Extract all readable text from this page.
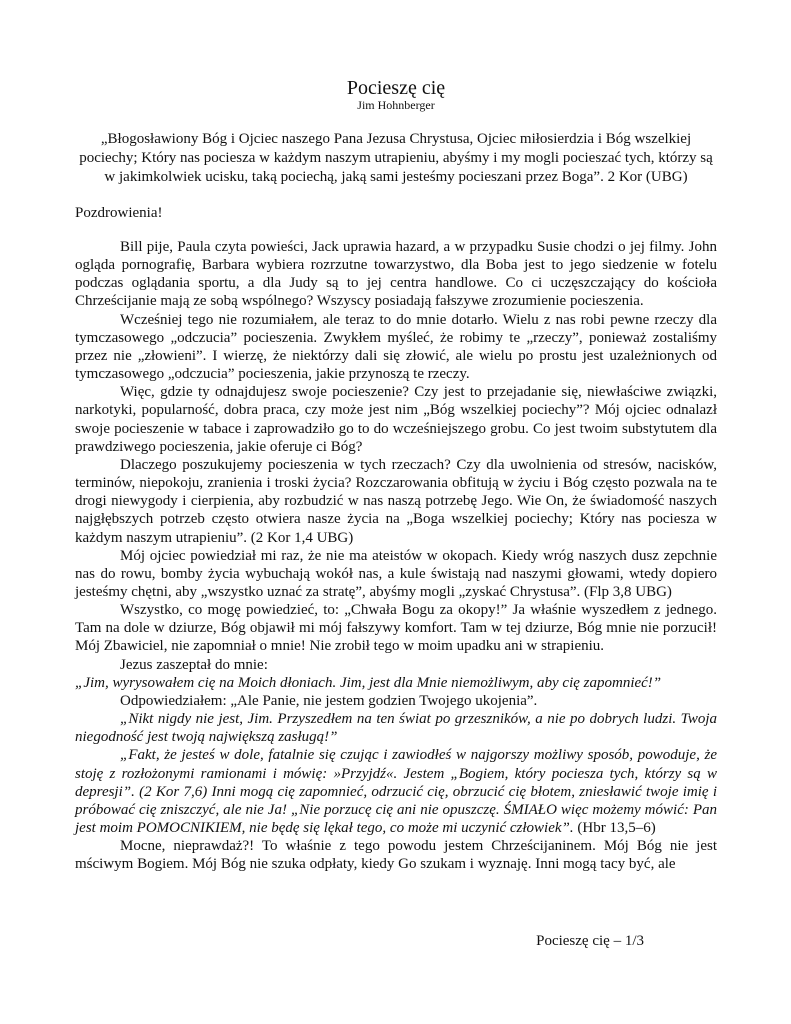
Pocieszę cię
Jim Hohnberger
„Błogosławiony Bóg i Ojciec naszego Pana Jezusa Chrystusa, Ojciec miłosierdzia i Bóg wszelkiej pociechy; Który nas pociesza w każdym naszym utrapieniu, abyśmy i my mogli pocieszać tych, którzy są w jakimkolwiek ucisku, taką pociechą, jaką sami jesteśmy pocieszani przez Boga”. 2 Kor (UBG)
Pozdrowienia!

Bill pije, Paula czyta powieści, Jack uprawia hazard, a w przypadku Susie chodzi o jej filmy. John ogląda pornografię, Barbara wybiera rozrzutne towarzystwo, dla Boba jest to jego siedzenie w fotelu podczas oglądania sportu, a dla Judy są to jej centra handlowe. Co ci uczęszczający do kościoła Chrześcijanie mają ze sobą wspólnego? Wszyscy posiadają fałszywe zrozumienie pocieszenia.

Wcześniej tego nie rozumiałem, ale teraz to do mnie dotarło. Wielu z nas robi pewne rzeczy dla tymczasowego „odczucia” pocieszenia. Zwykłem myśleć, że robimy te „rzeczy”, ponieważ zostaliśmy przez nie „złowieni”. I wierzę, że niektórzy dali się złowić, ale wielu po prostu jest uzależnionych od tymczasowego „odczucia” pocieszenia, jakie przynoszą te rzeczy.

Więc, gdzie ty odnajdujesz swoje pocieszenie? Czy jest to przejadanie się, niewłaściwe związki, narkotyki, popularność, dobra praca, czy może jest nim „Bóg wszelkiej pociechy”? Mój ojciec odnalazł swoje pocieszenie w tabace i zaprowadziło go to do wcześniejszego grobu. Co jest twoim substytutem dla prawdziwego pocieszenia, jakie oferuje ci Bóg?

Dlaczego poszukujemy pocieszenia w tych rzeczach? Czy dla uwolnienia od stresów, nacisków, terminów, niepokoju, zranienia i troski życia? Rozczarowania obfitują w życiu i Bóg często pozwala na te drogi niewygody i cierpienia, aby rozbudzić w nas naszą potrzebę Jego. Wie On, że świadomość naszych najgłębszych potrzeb często otwiera nasze życia na „Boga wszelkiej pociechy; Który nas pociesza w każdym naszym utrapieniu”. (2 Kor 1,4 UBG)

Mój ojciec powiedział mi raz, że nie ma ateistów w okopach. Kiedy wróg naszych dusz zepchnie nas do rowu, bomby życia wybuchają wokół nas, a kule świstają nad naszymi głowami, wtedy dopiero jesteśmy chętni, aby „wszystko uznać za stratę”, abyśmy mogli „zyskać Chrystusa”. (Flp 3,8 UBG)

Wszystko, co mogę powiedzieć, to: „Chwała Bogu za okopy!” Ja właśnie wyszedłem z jednego. Tam na dole w dziurze, Bóg objawił mi mój fałszywy komfort. Tam w tej dziurze, Bóg mnie nie porzucił! Mój Zbawiciel, nie zapomniał o mnie! Nie zrobił tego w moim upadku ani w strapieniu.

Jezus zaszeptał do mnie:

„Jim, wyrysowałem cię na Moich dłoniach. Jim, jest dla Mnie niemożliwym, aby cię zapomnieć!”

Odpowiedziałem: „Ale Panie, nie jestem godzien Twojego ukojenia”.

„Nikt nigdy nie jest, Jim. Przyszedłem na ten świat po grzeszników, a nie po dobrych ludzi. Twoja niegodność jest twoją największą zasługą!”

„Fakt, że jesteś w dole, fatalnie się czując i zawiodłeś w najgorszy możliwy sposób, powoduje, że stoję z rozłożonymi ramionami i mówię: »Przyjdź«. Jestem „Bogiem, który pociesza tych, którzy są w depresji”. (2 Kor 7,6) Inni mogą cię zapomnieć, odrzucić cię, obrzucić cię błotem, zniesławić twoje imię i próbować cię zniszczyć, ale nie Ja! „Nie porzucę cię ani nie opuszczę. ŚMIAŁO więc możemy mówić: Pan jest moim POMOCNIKIEM, nie będę się lękał tego, co może mi uczynić człowiek”. (Hbr 13,5–6)

Mocne, nieprawdaż?! To właśnie z tego powodu jestem Chrześcijaninem. Mój Bóg nie jest mściwym Bogiem. Mój Bóg nie szuka odpłaty, kiedy Go szukam i wyznaję. Inni mogą tacy być, ale

Pocieszę cię – 1/3
